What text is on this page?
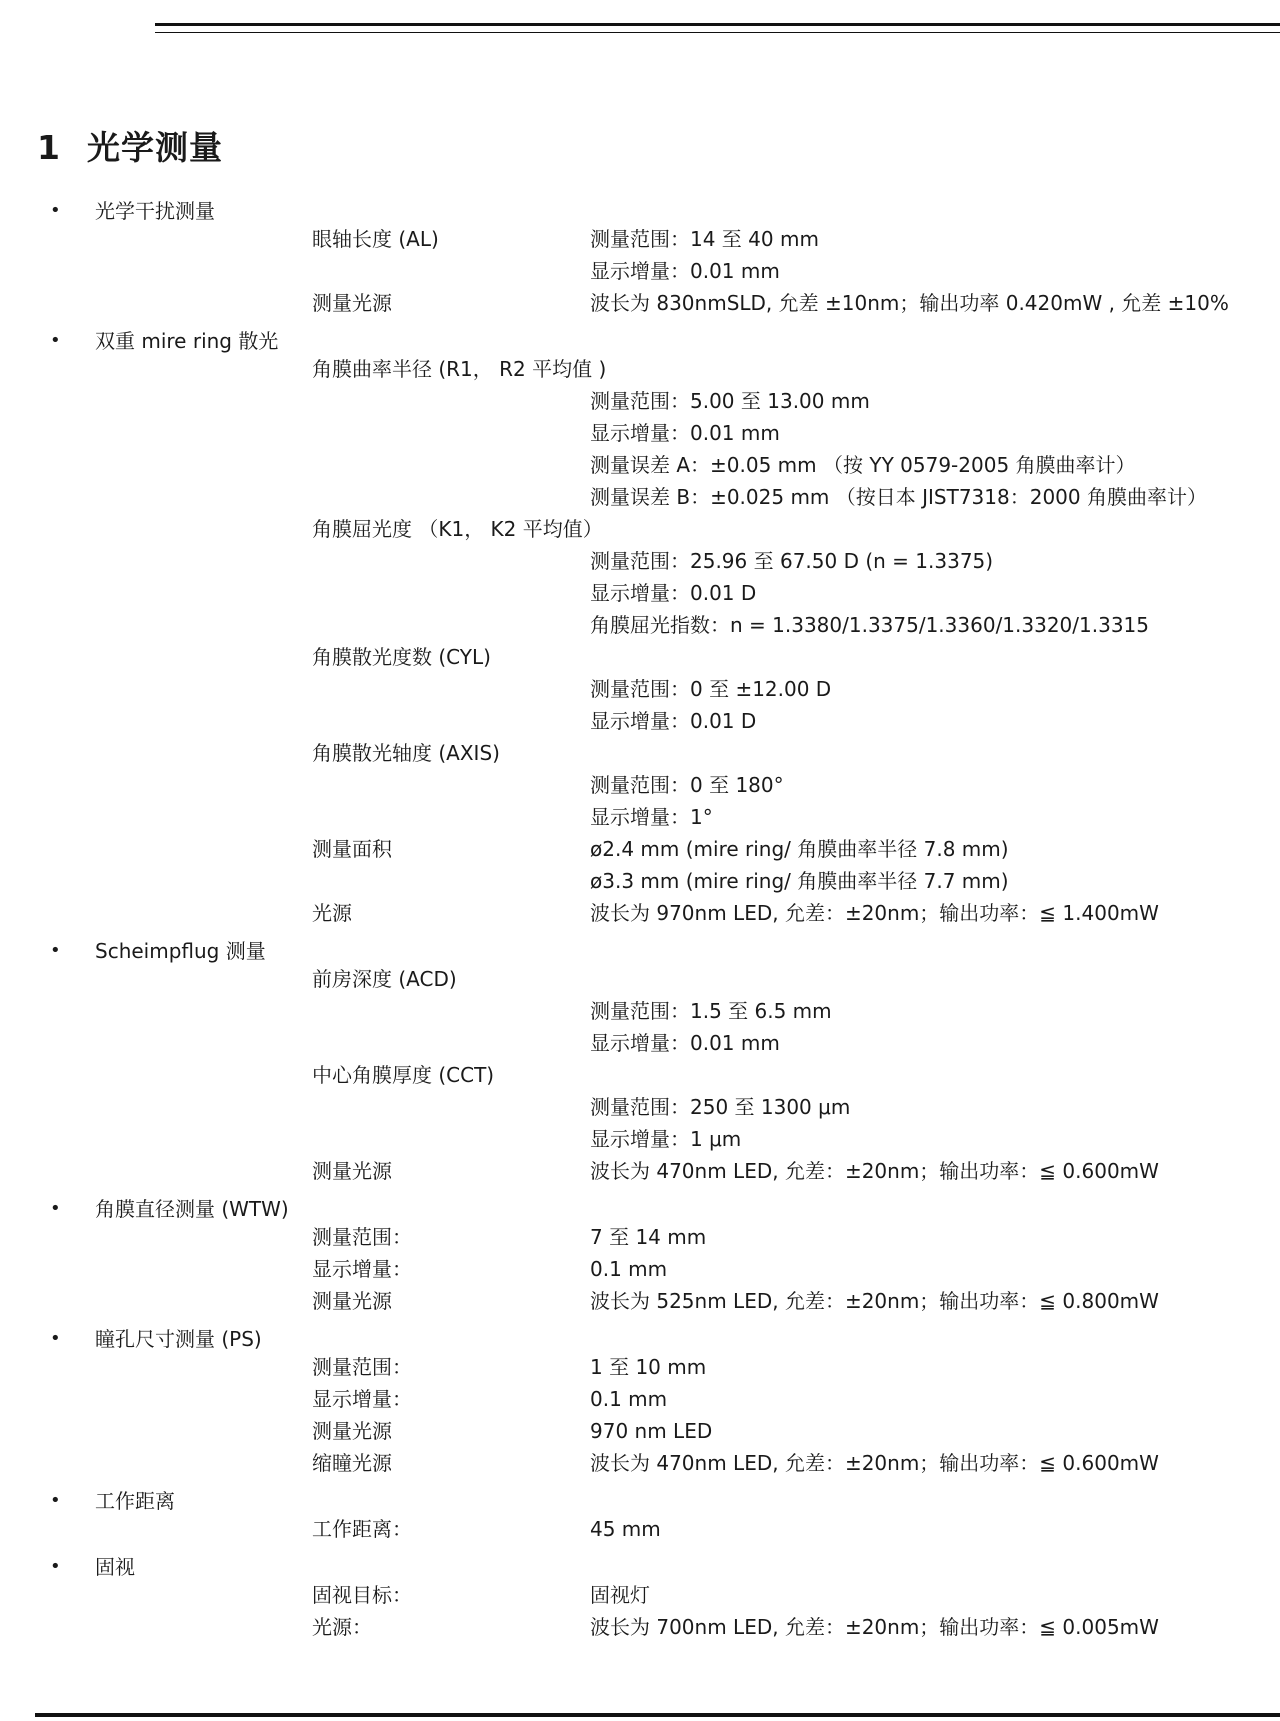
1 光学测量
• 光学干扰测量
眼轴长度 (AL)	测量范围：14 至 40 mm
显示增量：0.01 mm
测量光源	波长为 830nmSLD, 允差 ±10nm；输出功率 0.420mW , 允差 ±10%
• 双重 mire ring 散光
角膜曲率半径 (R1， R2 平均值 )
测量范围：5.00 至 13.00 mm
显示增量：0.01 mm
测量误差 A：±0.05 mm （按 YY 0579-2005 角膜曲率计）
测量误差 B：±0.025 mm （按日本 JIST7318：2000 角膜曲率计）
角膜屈光度 （K1， K2 平均值）
测量范围：25.96 至 67.50 D (n = 1.3375)
显示增量：0.01 D
角膜屈光指数：n = 1.3380/1.3375/1.3360/1.3320/1.3315
角膜散光度数 (CYL)
测量范围：0 至 ±12.00 D
显示增量：0.01 D
角膜散光轴度 (AXIS)
测量范围：0 至 180°
显示增量：1°
测量面积	ø2.4 mm (mire ring/ 角膜曲率半径 7.8 mm)
ø3.3 mm (mire ring/ 角膜曲率半径 7.7 mm)
光源	波长为 970nm LED, 允差：±20nm；输出功率：≦ 1.400mW
• Scheimpflug 测量
前房深度 (ACD)
测量范围：1.5 至 6.5 mm
显示增量：0.01 mm
中心角膜厚度 (CCT)
测量范围：250 至 1300 μm
显示增量：1 μm
测量光源	波长为 470nm LED, 允差：±20nm；输出功率：≦ 0.600mW
• 角膜直径测量 (WTW)
测量范围：	7 至 14 mm
显示增量：	0.1 mm
测量光源	波长为 525nm LED, 允差：±20nm；输出功率：≦ 0.800mW
• 瞳孔尺寸测量 (PS)
测量范围：	1 至 10 mm
显示增量：	0.1 mm
测量光源	970 nm LED
缩瞳光源	波长为 470nm LED, 允差：±20nm；输出功率：≦ 0.600mW
• 工作距离
工作距离：	45 mm
• 固视
固视目标：	固视灯
光源：	波长为 700nm LED, 允差：±20nm；输出功率：≦ 0.005mW
